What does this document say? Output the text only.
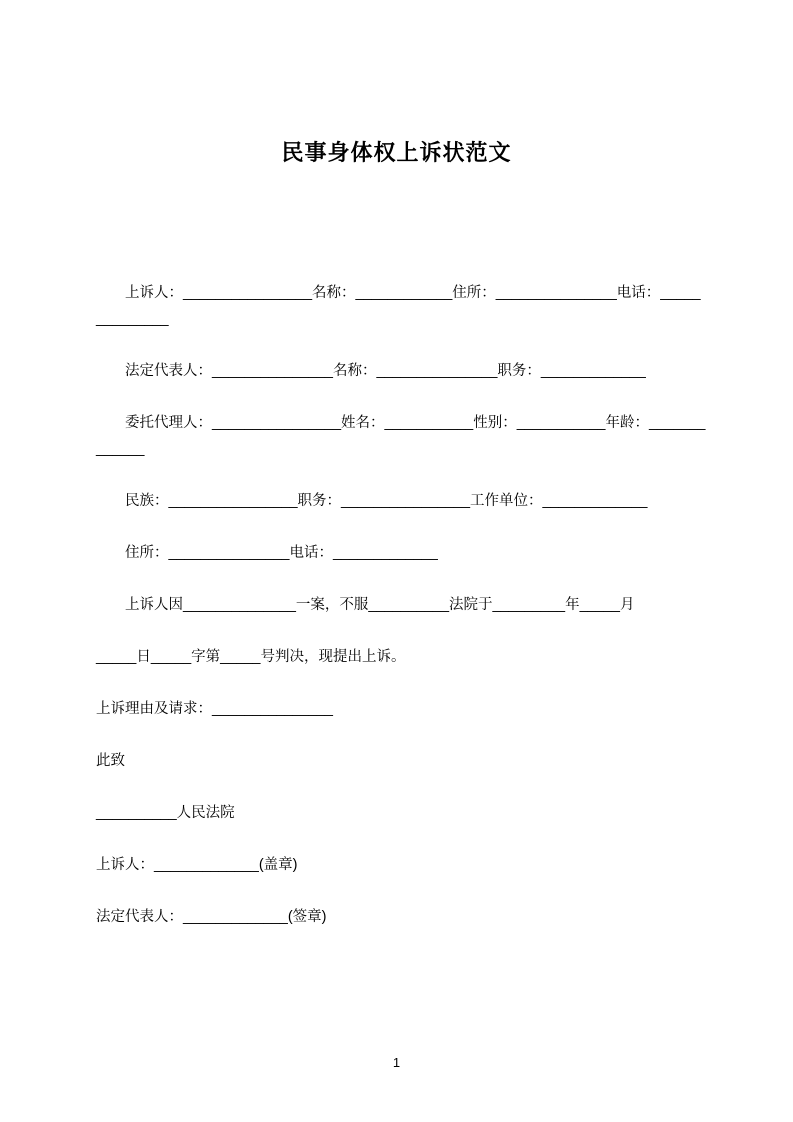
民事身体权上诉状范文

上诉人：________________名称：____________住所：_______________电话：______________

法定代表人：_______________名称：_______________职务：_____________

委托代理人：________________姓名：___________性别：___________年龄：_____________

民族：________________职务：________________工作单位：_____________

住所：_______________电话：_____________

上诉人因______________一案，不服__________法院于_________年_____月

_____日_____字第_____号判决，现提出上诉。

上诉理由及请求：_______________

此致

__________人民法院

上诉人：_____________(盖章)

法定代表人：_____________(签章)

1
